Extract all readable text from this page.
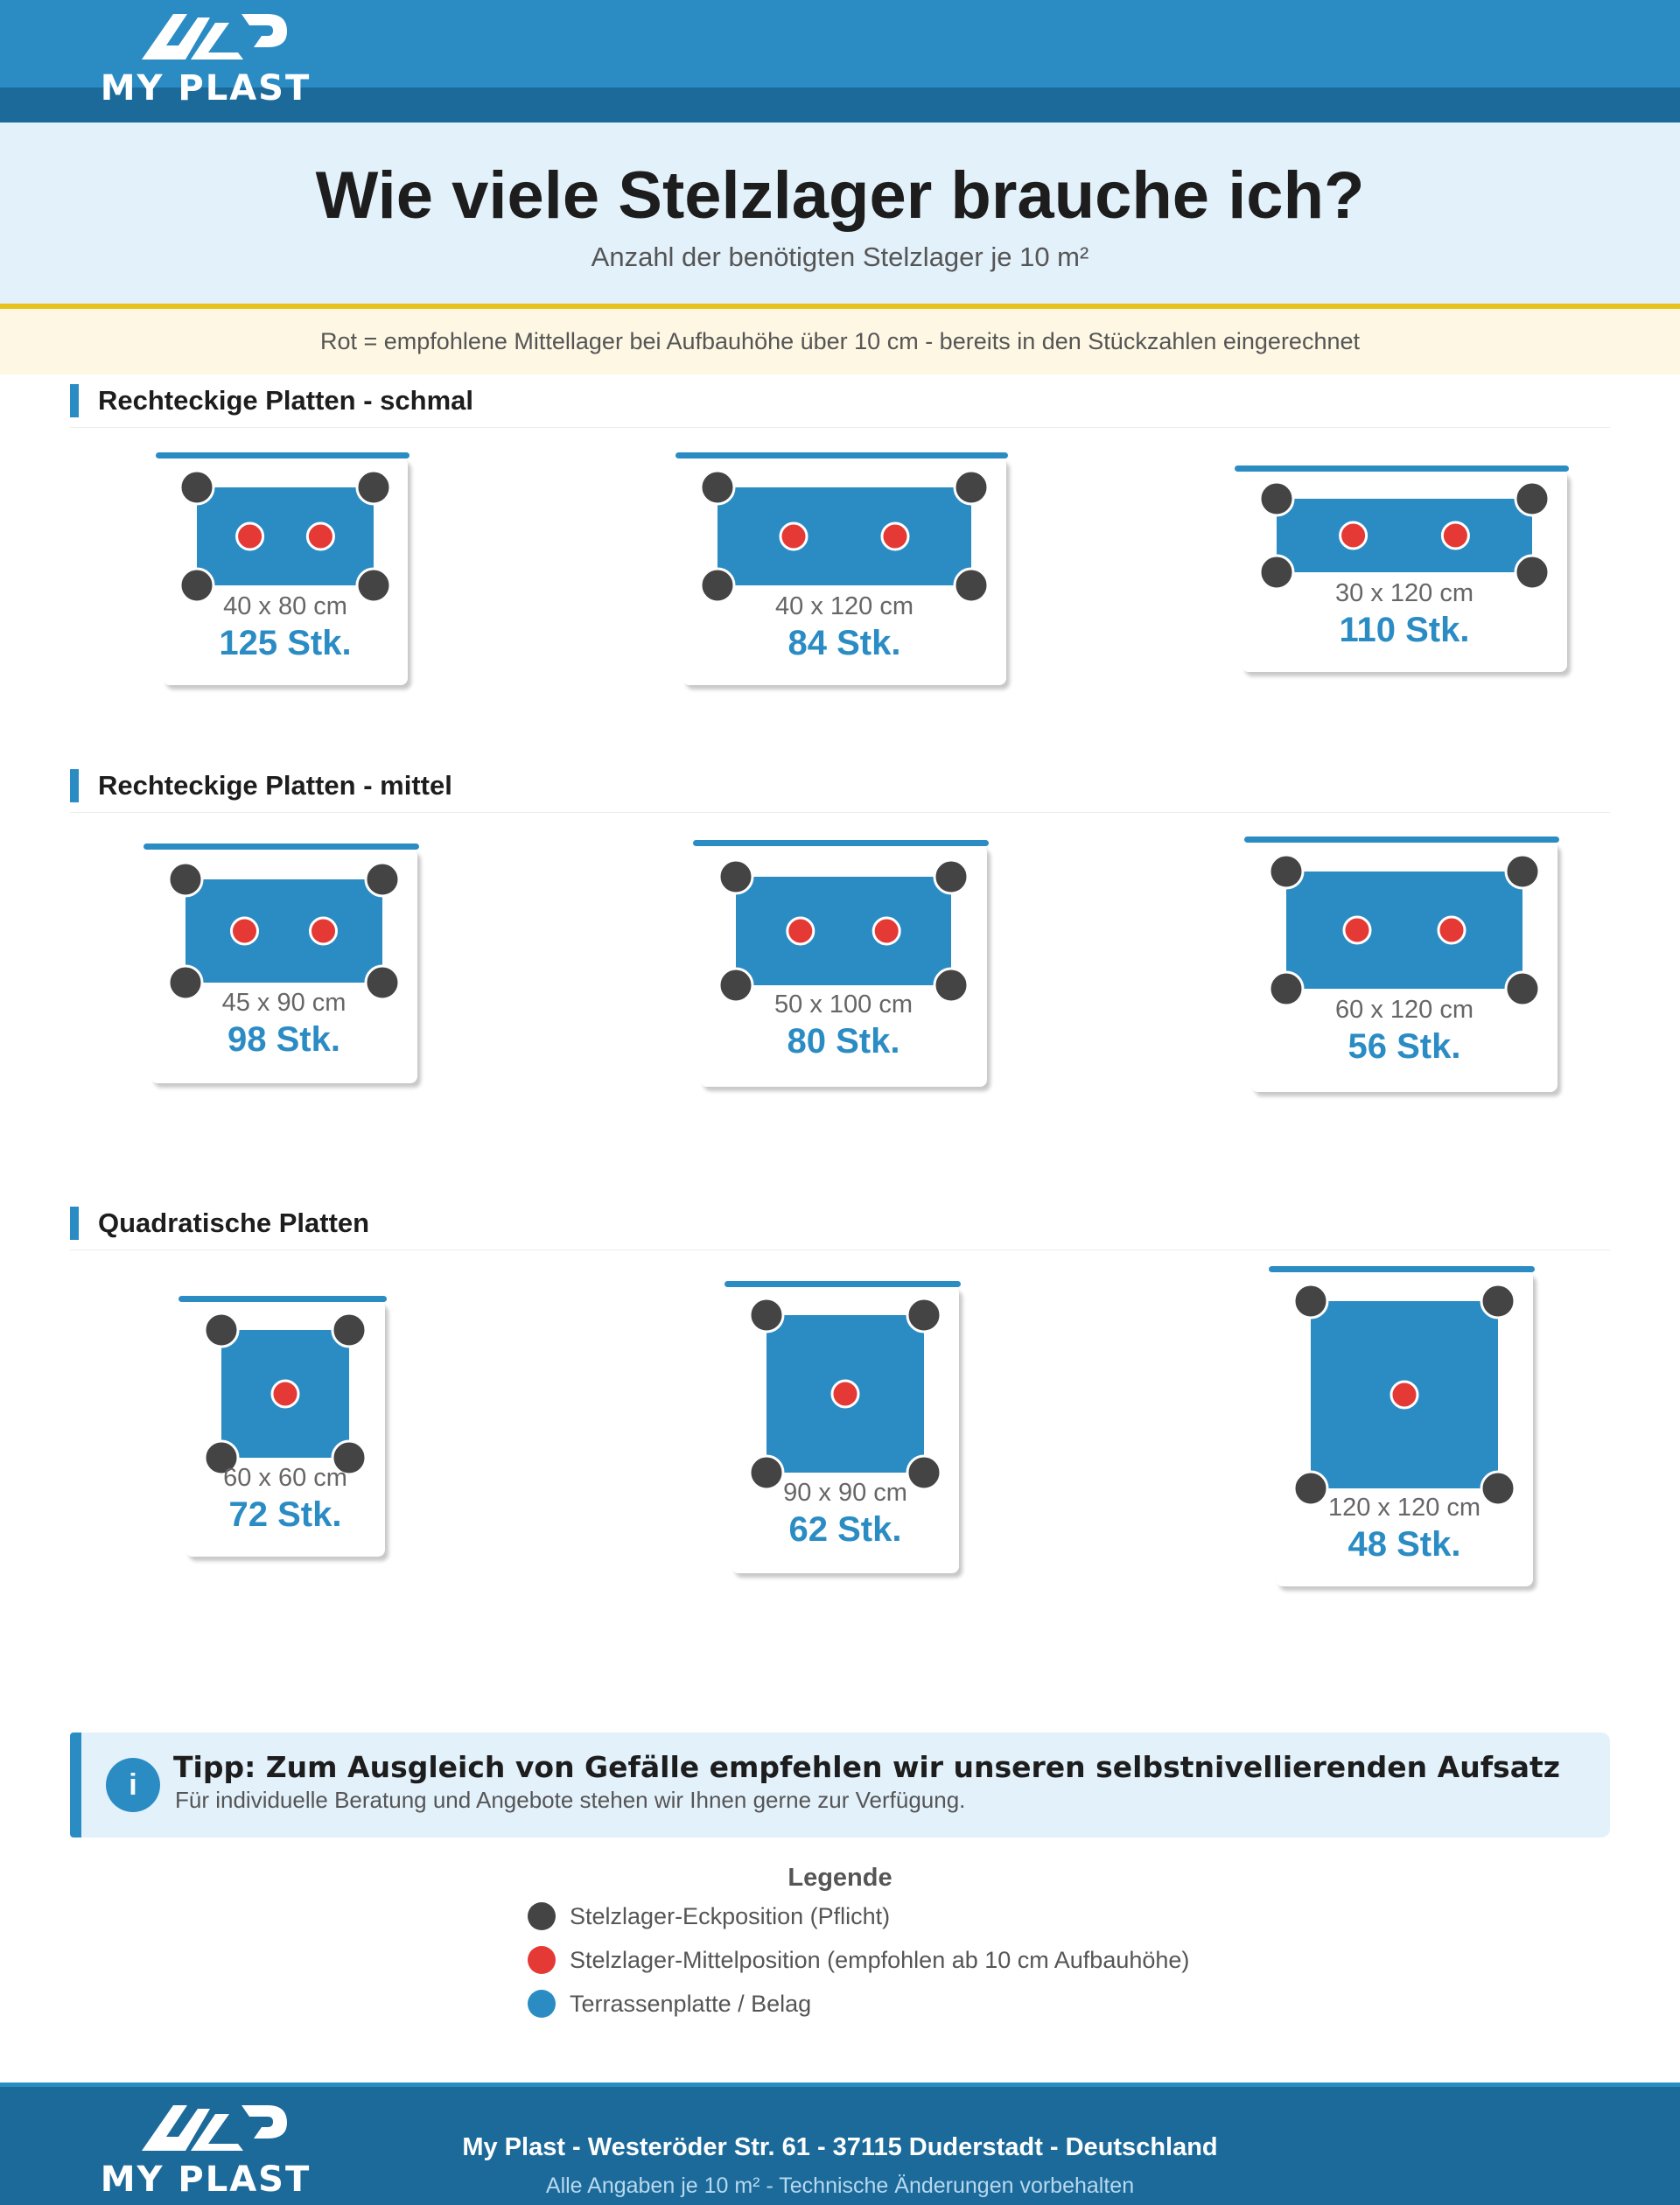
MY PLAST
Wie viele Stelzlager brauche ich?
Anzahl der benötigten Stelzlager je 10 m²
Rot = empfohlene Mittellager bei Aufbauhöhe über 10 cm - bereits in den Stückzahlen eingerechnet
Rechteckige Platten - schmal
40 x 80 cm
125 Stk.
40 x 120 cm
84 Stk.
30 x 120 cm
110 Stk.
Rechteckige Platten - mittel
45 x 90 cm
98 Stk.
50 x 100 cm
80 Stk.
60 x 120 cm
56 Stk.
Quadratische Platten
60 x 60 cm
72 Stk.
90 x 90 cm
62 Stk.
120 x 120 cm
48 Stk.
i
Tipp: Zum Ausgleich von Gefälle empfehlen wir unseren selbstnivellierenden Aufsatz
Für individuelle Beratung und Angebote stehen wir Ihnen gerne zur Verfügung.
Legende
Stelzlager-Eckposition (Pflicht)
Stelzlager-Mittelposition (empfohlen ab 10 cm Aufbauhöhe)
Terrassenplatte / Belag
MY PLAST
My Plast - Westeröder Str. 61 - 37115 Duderstadt - Deutschland
Alle Angaben je 10 m² - Technische Änderungen vorbehalten
